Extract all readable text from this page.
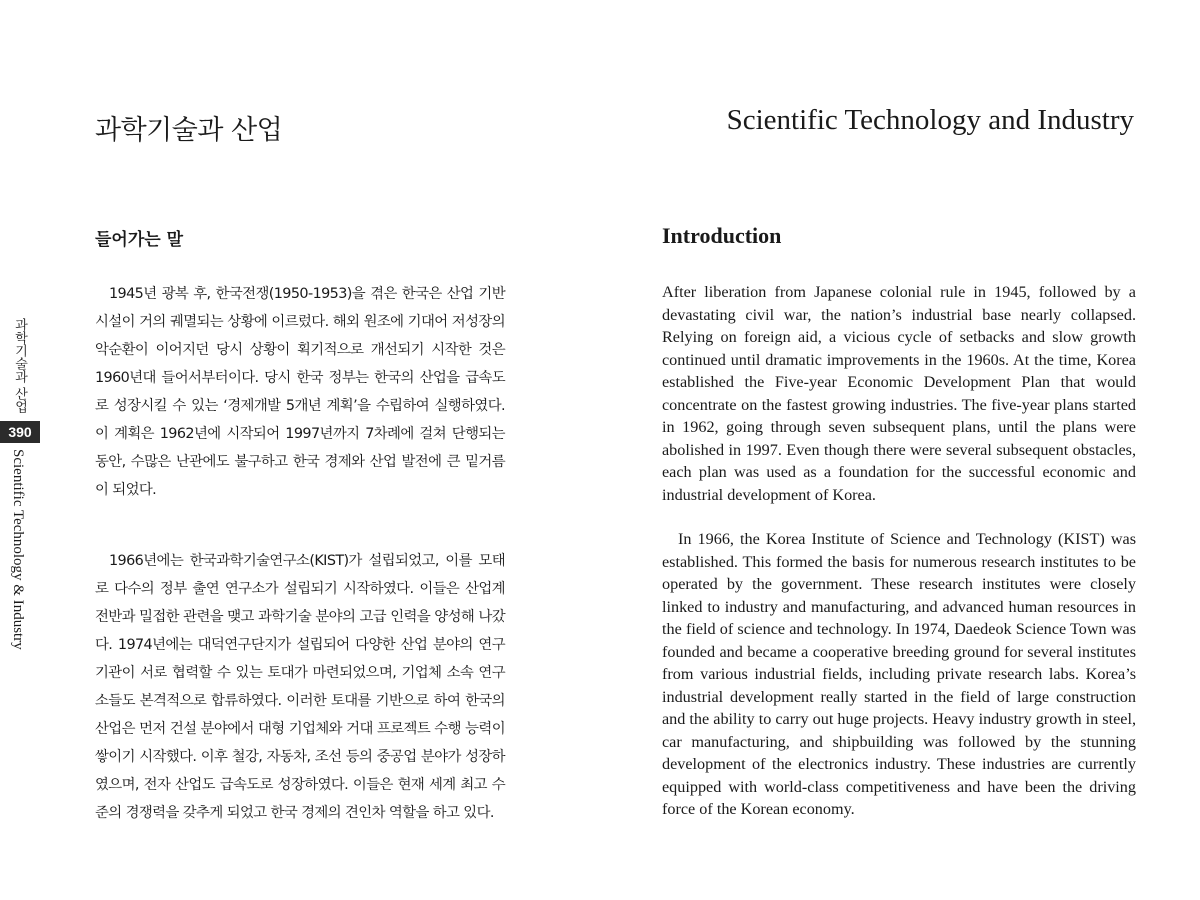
과학기술과 산업	Scientific Technology and Industry
과학기술과 산업
390
Scientific Technology & Industry
들어가는 말	Introduction

1945년 광복 후, 한국전쟁(1950-1953)을 겪은 한국은 산업 기반 시설이 거의 궤멸되는 상황에 이르렀다. 해외 원조에 기대어 저성장의 악순환이 이어지던 당시 상황이 획기적으로 개선되기 시작한 것은 1960년대 들어서부터이다. 당시 한국 정부는 한국의 산업을 급속도로 성장시킬 수 있는 ‘경제개발 5개년 계획’을 수립하여 실행하였다. 이 계획은 1962년에 시작되어 1997년까지 7차례에 걸쳐 단행되는 동안, 수많은 난관에도 불구하고 한국 경제와 산업 발전에 큰 밑거름이 되었다.

1966년에는 한국과학기술연구소(KIST)가 설립되었고, 이를 모태로 다수의 정부 출연 연구소가 설립되기 시작하였다. 이들은 산업계 전반과 밀접한 관련을 맺고 과학기술 분야의 고급 인력을 양성해 나갔다. 1974년에는 대덕연구단지가 설립되어 다양한 산업 분야의 연구기관이 서로 협력할 수 있는 토대가 마련되었으며, 기업체 소속 연구소들도 본격적으로 합류하였다. 이러한 토대를 기반으로 하여 한국의 산업은 먼저 건설 분야에서 대형 기업체와 거대 프로젝트 수행 능력이 쌓이기 시작했다. 이후 철강, 자동차, 조선 등의 중공업 분야가 성장하였으며, 전자 산업도 급속도로 성장하였다. 이들은 현재 세계 최고 수준의 경쟁력을 갖추게 되었고 한국 경제의 견인차 역할을 하고 있다.

After liberation from Japanese colonial rule in 1945, followed by a devastating civil war, the nation’s industrial base nearly collapsed. Relying on foreign aid, a vicious cycle of setbacks and slow growth continued until dramatic improvements in the 1960s. At the time, Korea established the Five-year Economic Development Plan that would concentrate on the fastest growing industries. The five-year plans started in 1962, going through seven subsequent plans, until the plans were abolished in 1997. Even though there were several subsequent obstacles, each plan was used as a foundation for the successful economic and industrial development of Korea.

In 1966, the Korea Institute of Science and Technology (KIST) was established. This formed the basis for numerous research institutes to be operated by the government. These research institutes were closely linked to industry and manufacturing, and advanced human resources in the field of science and technology. In 1974, Daedeok Science Town was founded and became a cooperative breeding ground for several institutes from various industrial fields, including private research labs. Korea’s industrial development really started in the field of large construction and the ability to carry out huge projects. Heavy industry growth in steel, car manufacturing, and shipbuilding was followed by the stunning development of the electronics industry. These industries are currently equipped with world-class competitiveness and have been the driving force of the Korean economy.
